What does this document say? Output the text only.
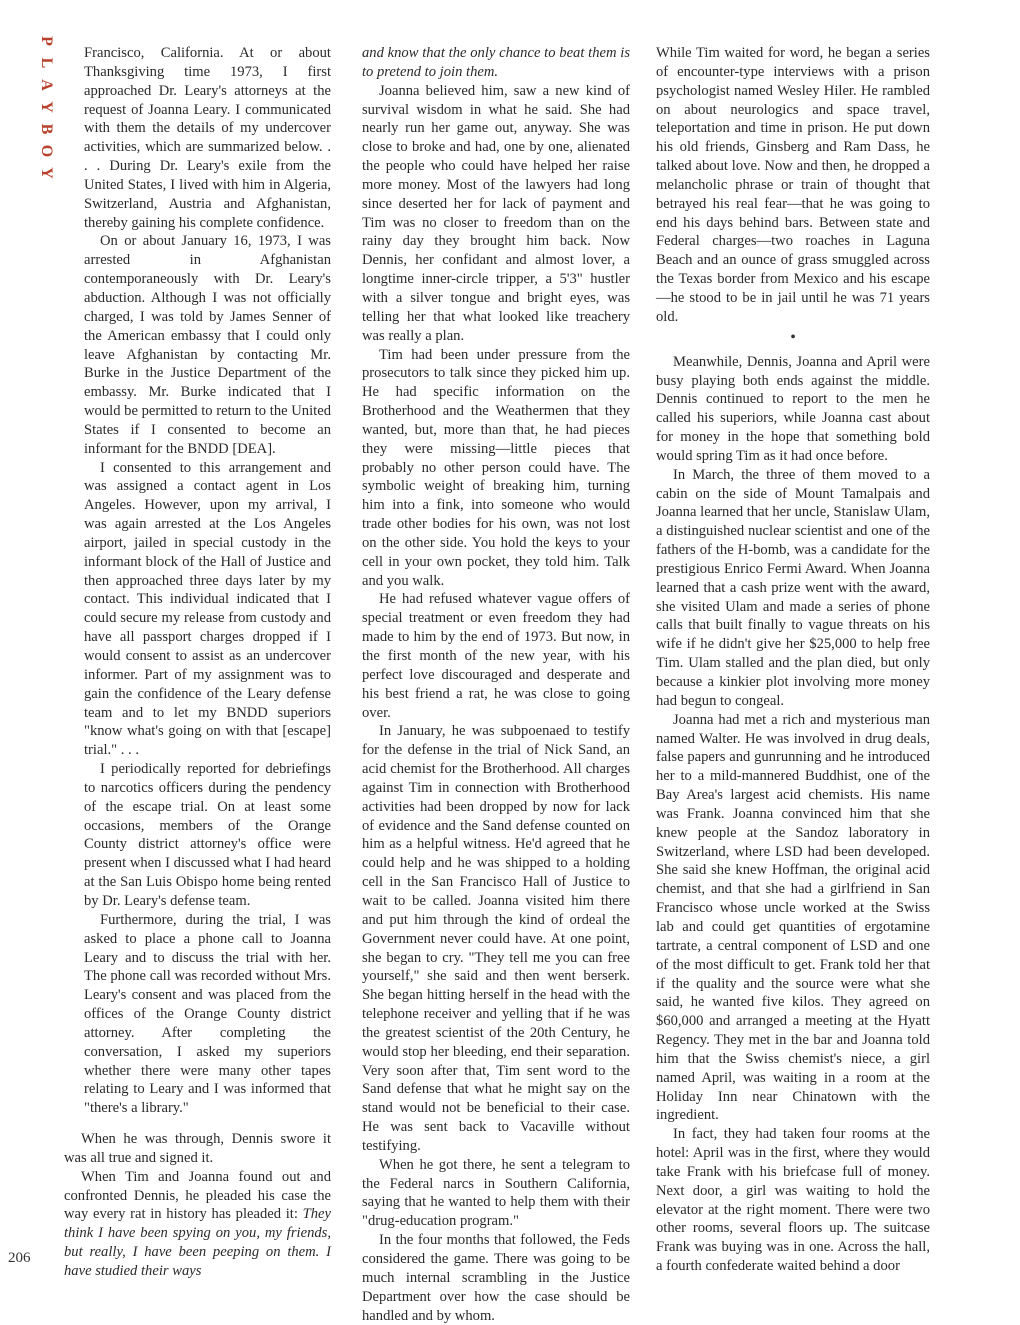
P
L
A
Y
B
O
Y
206

Francisco, California. At or about Thanksgiving time 1973, I first approached Dr. Leary's attorneys at the request of Joanna Leary. I communicated with them the details of my undercover activities, which are summarized below. . . . During Dr. Leary's exile from the United States, I lived with him in Algeria, Switzerland, Austria and Afghanistan, thereby gaining his complete confidence.

On or about January 16, 1973, I was arrested in Afghanistan contemporaneously with Dr. Leary's abduction. Although I was not officially charged, I was told by James Senner of the American embassy that I could only leave Afghanistan by contacting Mr. Burke in the Justice Department of the embassy. Mr. Burke indicated that I would be permitted to return to the United States if I consented to become an informant for the BNDD [DEA].

I consented to this arrangement and was assigned a contact agent in Los Angeles. However, upon my arrival, I was again arrested at the Los Angeles airport, jailed in special custody in the informant block of the Hall of Justice and then approached three days later by my contact. This individual indicated that I could secure my release from custody and have all passport charges dropped if I would consent to assist as an undercover informer. Part of my assignment was to gain the confidence of the Leary defense team and to let my BNDD superiors "know what's going on with that [escape] trial." . . .

I periodically reported for debriefings to narcotics officers during the pendency of the escape trial. On at least some occasions, members of the Orange County district attorney's office were present when I discussed what I had heard at the San Luis Obispo home being rented by Dr. Leary's defense team.

Furthermore, during the trial, I was asked to place a phone call to Joanna Leary and to discuss the trial with her. The phone call was recorded without Mrs. Leary's consent and was placed from the offices of the Orange County district attorney. After completing the conversation, I asked my superiors whether there were many other tapes relating to Leary and I was informed that "there's a library."

When he was through, Dennis swore it was all true and signed it.

When Tim and Joanna found out and confronted Dennis, he pleaded his case the way every rat in history has pleaded it: They think I have been spying on you, my friends, but really, I have been peeping on them. I have studied their ways

and know that the only chance to beat them is to pretend to join them.

Joanna believed him, saw a new kind of survival wisdom in what he said. She had nearly run her game out, anyway. She was close to broke and had, one by one, alienated the people who could have helped her raise more money. Most of the lawyers had long since deserted her for lack of payment and Tim was no closer to freedom than on the rainy day they brought him back. Now Dennis, her confidant and almost lover, a longtime inner-circle tripper, a 5'3" hustler with a silver tongue and bright eyes, was telling her that what looked like treachery was really a plan.

Tim had been under pressure from the prosecutors to talk since they picked him up. He had specific information on the Brotherhood and the Weathermen that they wanted, but, more than that, he had pieces they were missing—little pieces that probably no other person could have. The symbolic weight of breaking him, turning him into a fink, into someone who would trade other bodies for his own, was not lost on the other side. You hold the keys to your cell in your own pocket, they told him. Talk and you walk.

He had refused whatever vague offers of special treatment or even freedom they had made to him by the end of 1973. But now, in the first month of the new year, with his perfect love discouraged and desperate and his best friend a rat, he was close to going over.

In January, he was subpoenaed to testify for the defense in the trial of Nick Sand, an acid chemist for the Brotherhood. All charges against Tim in connection with Brotherhood activities had been dropped by now for lack of evidence and the Sand defense counted on him as a helpful witness. He'd agreed that he could help and he was shipped to a holding cell in the San Francisco Hall of Justice to wait to be called. Joanna visited him there and put him through the kind of ordeal the Government never could have. At one point, she began to cry. "They tell me you can free yourself," she said and then went berserk. She began hitting herself in the head with the telephone receiver and yelling that if he was the greatest scientist of the 20th Century, he would stop her bleeding, end their separation. Very soon after that, Tim sent word to the Sand defense that what he might say on the stand would not be beneficial to their case. He was sent back to Vacaville without testifying.

When he got there, he sent a telegram to the Federal narcs in Southern California, saying that he wanted to help them with their "drug-education program."

In the four months that followed, the Feds considered the game. There was going to be much internal scrambling in the Justice Department over how the case should be handled and by whom.

While Tim waited for word, he began a series of encounter-type interviews with a prison psychologist named Wesley Hiler. He rambled on about neurologics and space travel, teleportation and time in prison. He put down his old friends, Ginsberg and Ram Dass, he talked about love. Now and then, he dropped a melancholic phrase or train of thought that betrayed his real fear—that he was going to end his days behind bars. Between state and Federal charges—two roaches in Laguna Beach and an ounce of grass smuggled across the Texas border from Mexico and his escape—he stood to be in jail until he was 71 years old.

•

Meanwhile, Dennis, Joanna and April were busy playing both ends against the middle. Dennis continued to report to the men he called his superiors, while Joanna cast about for money in the hope that something bold would spring Tim as it had once before.

In March, the three of them moved to a cabin on the side of Mount Tamalpais and Joanna learned that her uncle, Stanislaw Ulam, a distinguished nuclear scientist and one of the fathers of the H-bomb, was a candidate for the prestigious Enrico Fermi Award. When Joanna learned that a cash prize went with the award, she visited Ulam and made a series of phone calls that built finally to vague threats on his wife if he didn't give her $25,000 to help free Tim. Ulam stalled and the plan died, but only because a kinkier plot involving more money had begun to congeal.

Joanna had met a rich and mysterious man named Walter. He was involved in drug deals, false papers and gunrunning and he introduced her to a mild-mannered Buddhist, one of the Bay Area's largest acid chemists. His name was Frank. Joanna convinced him that she knew people at the Sandoz laboratory in Switzerland, where LSD had been developed. She said she knew Hoffman, the original acid chemist, and that she had a girlfriend in San Francisco whose uncle worked at the Swiss lab and could get quantities of ergotamine tartrate, a central component of LSD and one of the most difficult to get. Frank told her that if the quality and the source were what she said, he wanted five kilos. They agreed on $60,000 and arranged a meeting at the Hyatt Regency. They met in the bar and Joanna told him that the Swiss chemist's niece, a girl named April, was waiting in a room at the Holiday Inn near Chinatown with the ingredient.

In fact, they had taken four rooms at the hotel: April was in the first, where they would take Frank with his briefcase full of money. Next door, a girl was waiting to hold the elevator at the right moment. There were two other rooms, several floors up. The suitcase Frank was buying was in one. Across the hall, a fourth confederate waited behind a door
